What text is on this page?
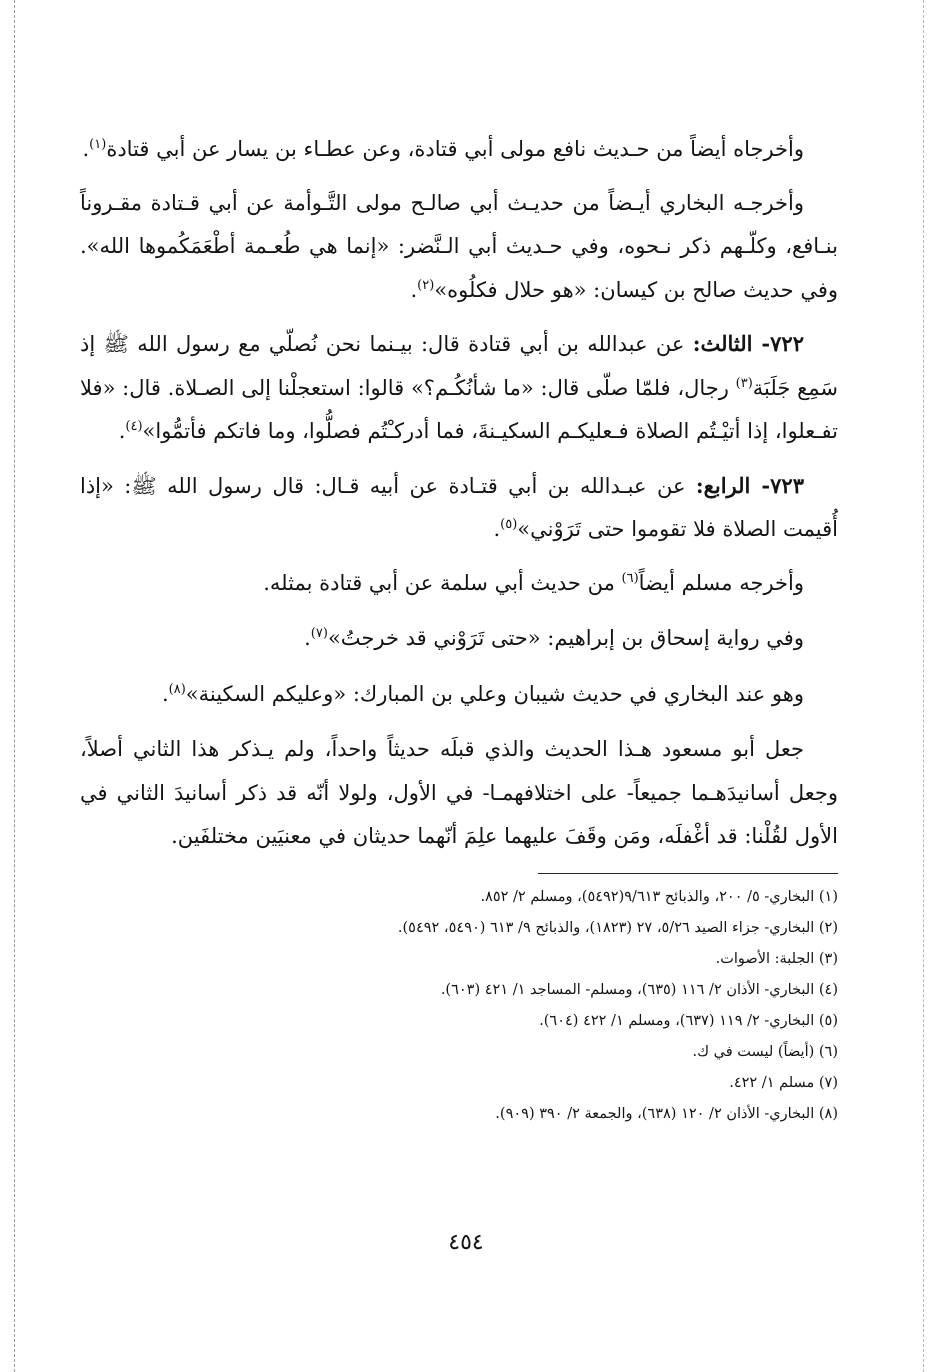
وأخرجاه أيضاً من حـديث نافع مولى أبي قتادة، وعن عطـاء بن يسار عن أبي قتادة$^{(١)}$.

وأخرجـه البخاري أيـضاً من حديـث أبي صالـح مولى التَّـوأمة عن أبي قـتادة مقـروناً بنـافع، وكلّـهم ذكر نـحوه، وفي حـديث أبي الـنَّضر: «إنما هي طُعـمة أطْعَمَكُموها الله». وفي حديث صالح بن كيسان: «هو حلال فكلُوه»$^{(٢)}$.

٧٢٢- الثالث: عن عبدالله بن أبي قتادة قال: بيـنما نحن نُصلّي مع رسول الله ﷺ إذ سَمِع جَلَبَة$^{(٣)}$ رجال، فلمّا صلّى قال: «ما شأنُكُـم؟» قالوا: استعجلْنا إلى الصـلاة. قال: «فلا تفـعلوا، إذا أتيْـتُم الصلاة فـعليكـم السكيـنةَ، فما أدركـْتُم فصلُّوا، وما فاتكم فأتمُّوا»$^{(٤)}$.

٧٢٣- الرابع: عن عبـدالله بن أبي قتـادة عن أبيه قـال: قال رسول الله ﷺ: «إذا أُقيمت الصلاة فلا تقوموا حتى تَرَوْني»$^{(٥)}$.

وأخرجه مسلم أيضاً$^{(٦)}$ من حديث أبي سلمة عن أبي قتادة بمثله.

وفي رواية إسحاق بن إبراهيم: «حتى تَرَوْني قد خرجتُ»$^{(٧)}$.

وهو عند البخاري في حديث شيبان وعلي بن المبارك: «وعليكم السكينة»$^{(٨)}$.

جعل أبو مسعود هـذا الحديث والذي قبلَه حديثاً واحداً، ولم يـذكر هذا الثاني أصلاً، وجعل أسانيدَهـما جميعاً- على اختلافهمـا- في الأول، ولولا أنّه قد ذكر أسانيدَ الثاني في الأول لقُلْنا: قد أغْفلَه، ومَن وقَفَ عليهما علِمَ أنّهما حديثان في معنيَين مختلفَين.

(١) البخاري- ٥/ ٢٠٠، والذبائح ٩/٦١٣(٥٤٩٢)، ومسلم ٢/ ٨٥٢.

(٢) البخاري- جزاء الصيد ٥/٢٦، ٢٧ (١٨٢٣)، والذبائح ٩/ ٦١٣ (٥٤٩٠، ٥٤٩٢).

(٣) الجلبة: الأصوات.

(٤) البخاري- الأذان ٢/ ١١٦ (٦٣٥)، ومسلم- المساجد ١/ ٤٢١ (٦٠٣).

(٥) البخاري- ٢/ ١١٩ (٦٣٧)، ومسلم ١/ ٤٢٢ (٦٠٤).

(٦) (أيضاً) ليست في ك.

(٧) مسلم ١/ ٤٢٢.

(٨) البخاري- الأذان ٢/ ١٢٠ (٦٣٨)، والجمعة ٢/ ٣٩٠ (٩٠٩).

٤٥٤
